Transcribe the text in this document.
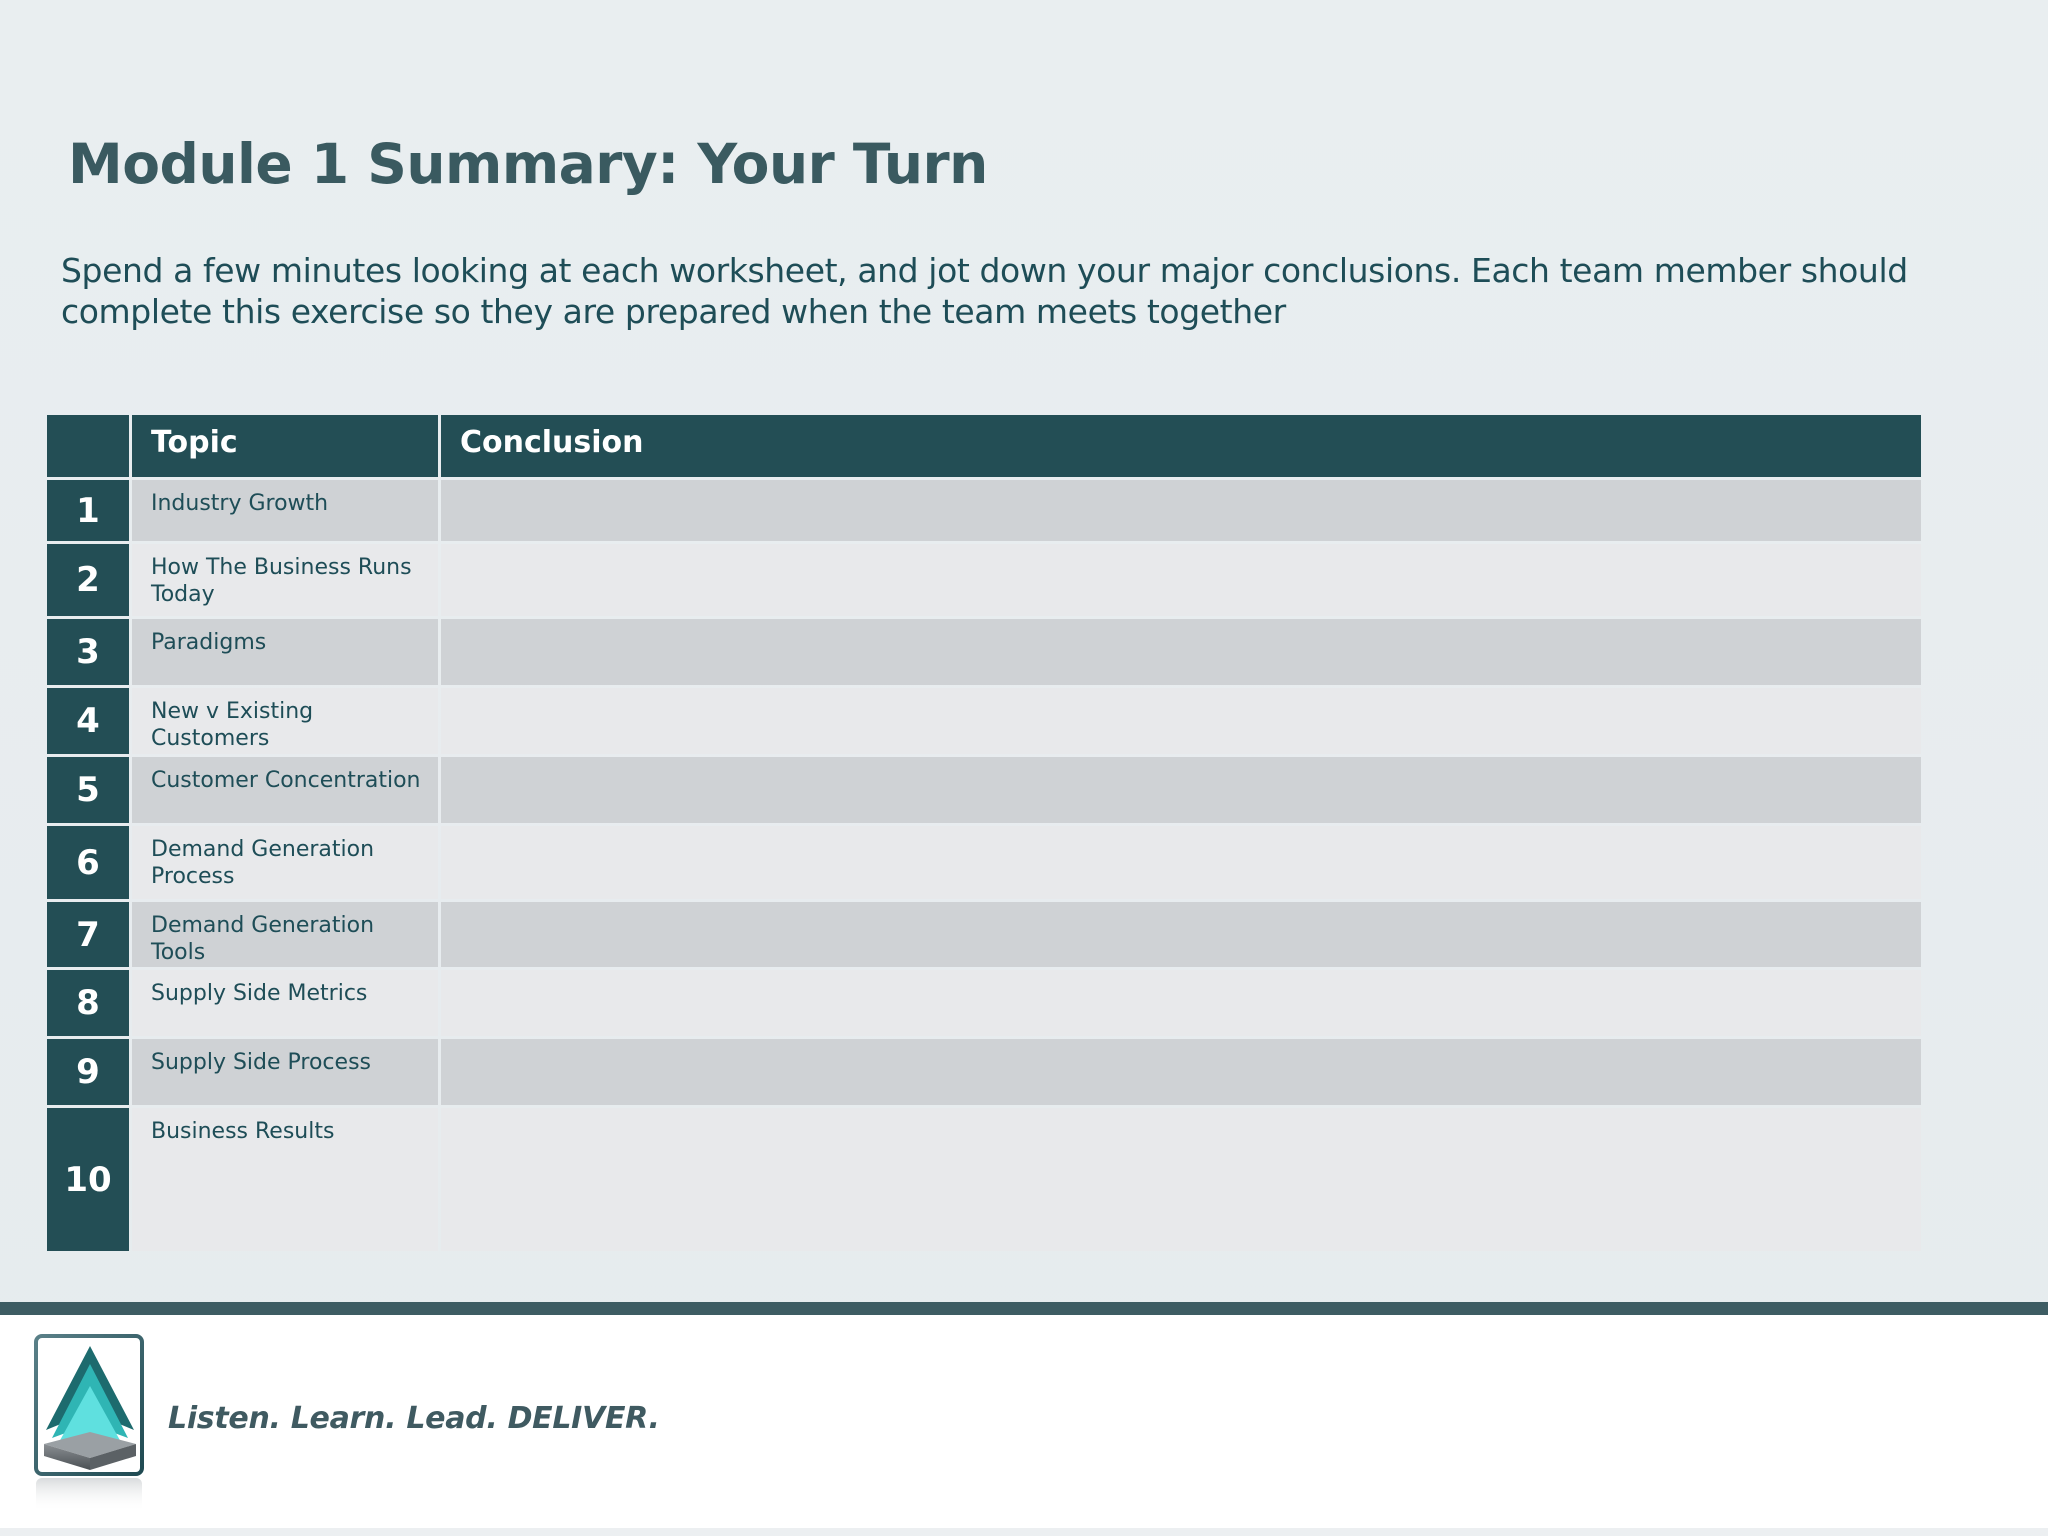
Module 1 Summary: Your Turn

Spend a few minutes looking at each worksheet, and jot down your major conclusions. Each team member should complete this exercise so they are prepared when the team meets together

	Topic	Conclusion
1	Industry Growth	
2	How The Business Runs Today	
3	Paradigms	
4	New v Existing Customers	
5	Customer Concentration	
6	Demand Generation Process	
7	Demand Generation Tools	
8	Supply Side Metrics	
9	Supply Side Process	
10	Business Results	

Listen. Learn. Lead. DELIVER.
